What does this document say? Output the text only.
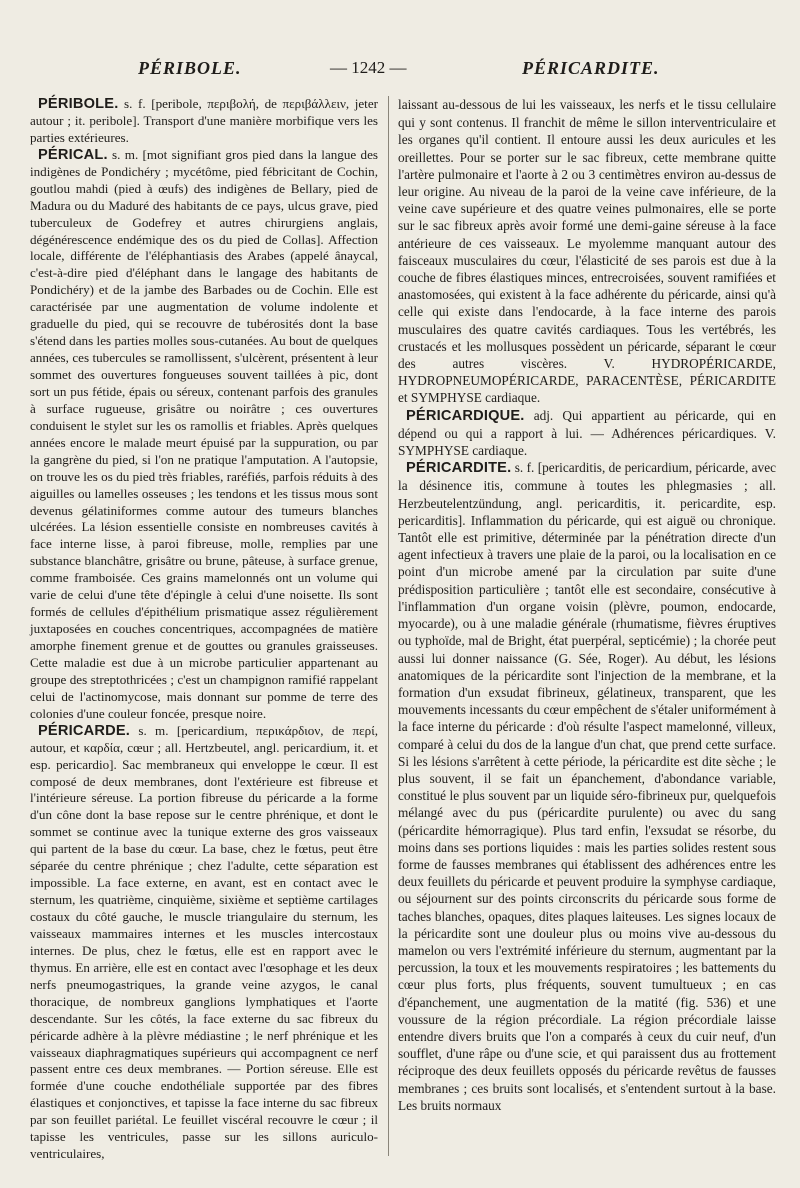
PÉRIBOLE.	— 1242 —	PÉRICARDITE.

PÉRIBOLE. s. f. [peribole, περιβολή, de περιβάλλειν, jeter autour ; it. peribole]. Transport d'une manière morbifique vers les parties extérieures.

PÉRICAL. s. m. [mot signifiant gros pied dans la langue des indigènes de Pondichéry ; mycétôme, pied fébricitant de Cochin, goutlou mahdi (pied à œufs) des indigènes de Bellary, pied de Madura ou du Maduré des habitants de ce pays, ulcus grave, pied tuberculeux de Godefrey et autres chirurgiens anglais, dégénérescence endémique des os du pied de Collas]. Affection locale, différente de l'éléphantiasis des Arabes (appelé ânaycal, c'est-à-dire pied d'éléphant dans le langage des habitants de Pondichéry) et de la jambe des Barbades ou de Cochin. Elle est caractérisée par une augmentation de volume indolente et graduelle du pied, qui se recouvre de tubérosités dont la base s'étend dans les parties molles sous-cutanées. Au bout de quelques années, ces tubercules se ramollissent, s'ulcèrent, présentent à leur sommet des ouvertures fongueuses souvent taillées à pic, dont sort un pus fétide, épais ou séreux, contenant parfois des granules à surface rugueuse, grisâtre ou noirâtre ; ces ouvertures conduisent le stylet sur les os ramollis et friables. Après quelques années encore le malade meurt épuisé par la suppuration, ou par la gangrène du pied, si l'on ne pratique l'amputation. A l'autopsie, on trouve les os du pied très friables, raréfiés, parfois réduits à des aiguilles ou lamelles osseuses ; les tendons et les tissus mous sont devenus gélatiniformes comme autour des tumeurs blanches ulcérées. La lésion essentielle consiste en nombreuses cavités à face interne lisse, à paroi fibreuse, molle, remplies par une substance blanchâtre, grisâtre ou brune, pâteuse, à surface grenue, comme framboisée. Ces grains mamelonnés ont un volume qui varie de celui d'une tête d'épingle à celui d'une noisette. Ils sont formés de cellules d'épithélium prismatique assez régulièrement juxtaposées en couches concentriques, accompagnées de matière amorphe finement grenue et de gouttes ou granules graisseuses. Cette maladie est due à un microbe particulier appartenant au groupe des streptothricées ; c'est un champignon ramifié rappelant celui de l'actinomycose, mais donnant sur pomme de terre des colonies d'une couleur foncée, presque noire.

PÉRICARDE. s. m. [pericardium, περικάρδιον, de περί, autour, et καρδία, cœur ; all. Hertzbeutel, angl. pericardium, it. et esp. pericardio]. Sac membraneux qui enveloppe le cœur. Il est composé de deux membranes, dont l'extérieure est fibreuse et l'intérieure séreuse. La portion fibreuse du péricarde a la forme d'un cône dont la base repose sur le centre phrénique, et dont le sommet se continue avec la tunique externe des gros vaisseaux qui partent de la base du cœur. La base, chez le fœtus, peut être séparée du centre phrénique ; chez l'adulte, cette séparation est impossible. La face externe, en avant, est en contact avec le sternum, les quatrième, cinquième, sixième et septième cartilages costaux du côté gauche, le muscle triangulaire du sternum, les vaisseaux mammaires internes et les muscles intercostaux internes. De plus, chez le fœtus, elle est en rapport avec le thymus. En arrière, elle est en contact avec l'œsophage et les deux nerfs pneumogastriques, la grande veine azygos, le canal thoracique, de nombreux ganglions lymphatiques et l'aorte descendante. Sur les côtés, la face externe du sac fibreux du péricarde adhère à la plèvre médiastine ; le nerf phrénique et les vaisseaux diaphragmatiques supérieurs qui accompagnent ce nerf passent entre ces deux membranes. — Portion séreuse. Elle est formée d'une couche endothéliale supportée par des fibres élastiques et conjonctives, et tapisse la face interne du sac fibreux par son feuillet pariétal. Le feuillet viscéral recouvre le cœur ; il tapisse les ventricules, passe sur les sillons auriculo-ventriculaires,

laissant au-dessous de lui les vaisseaux, les nerfs et le tissu cellulaire qui y sont contenus. Il franchit de même le sillon interventriculaire et les organes qu'il contient. Il entoure aussi les deux auricules et les oreillettes. Pour se porter sur le sac fibreux, cette membrane quitte l'artère pulmonaire et l'aorte à 2 ou 3 centimètres environ au-dessus de leur origine. Au niveau de la paroi de la veine cave inférieure, de la veine cave supérieure et des quatre veines pulmonaires, elle se porte sur le sac fibreux après avoir formé une demi-gaine séreuse à la face antérieure de ces vaisseaux. Le myolemme manquant autour des faisceaux musculaires du cœur, l'élasticité de ses parois est due à la couche de fibres élastiques minces, entrecroisées, souvent ramifiées et anastomosées, qui existent à la face adhérente du péricarde, ainsi qu'à celle qui existe dans l'endocarde, à la face interne des parois musculaires des quatre cavités cardiaques. Tous les vertébrés, les crustacés et les mollusques possèdent un péricarde, séparant le cœur des autres viscères. V. HYDROPÉRICARDE, HYDROPNEUMOPÉRICARDE, PARACENTÈSE, PÉRICARDITE et SYMPHYSE cardiaque.

PÉRICARDIQUE. adj. Qui appartient au péricarde, qui en dépend ou qui a rapport à lui. — Adhérences péricardiques. V. SYMPHYSE cardiaque.

PÉRICARDITE. s. f. [pericarditis, de pericardium, péricarde, avec la désinence itis, commune à toutes les phlegmasies ; all. Herzbeutelentzündung, angl. pericarditis, it. pericardite, esp. pericarditis]. Inflammation du péricarde, qui est aiguë ou chronique. Tantôt elle est primitive, déterminée par la pénétration directe d'un agent infectieux à travers une plaie de la paroi, ou la localisation en ce point d'un microbe amené par la circulation par suite d'une prédisposition particulière ; tantôt elle est secondaire, consécutive à l'inflammation d'un organe voisin (plèvre, poumon, endocarde, myocarde), ou à une maladie générale (rhumatisme, fièvres éruptives ou typhoïde, mal de Bright, état puerpéral, septicémie) ; la chorée peut aussi lui donner naissance (G. Sée, Roger). Au début, les lésions anatomiques de la péricardite sont l'injection de la membrane, et la formation d'un exsudat fibrineux, gélatineux, transparent, que les mouvements incessants du cœur empêchent de s'étaler uniformément à la face interne du péricarde : d'où résulte l'aspect mamelonné, villeux, comparé à celui du dos de la langue d'un chat, que prend cette surface. Si les lésions s'arrêtent à cette période, la péricardite est dite sèche ; le plus souvent, il se fait un épanchement, d'abondance variable, constitué le plus souvent par un liquide séro-fibrineux pur, quelquefois mélangé avec du pus (péricardite purulente) ou avec du sang (péricardite hémorragique). Plus tard enfin, l'exsudat se résorbe, du moins dans ses portions liquides : mais les parties solides restent sous forme de fausses membranes qui établissent des adhérences entre les deux feuillets du péricarde et peuvent produire la symphyse cardiaque, ou séjournent sur des points circonscrits du péricarde sous forme de taches blanches, opaques, dites plaques laiteuses. Les signes locaux de la péricardite sont une douleur plus ou moins vive au-dessous du mamelon ou vers l'extrémité inférieure du sternum, augmentant par la percussion, la toux et les mouvements respiratoires ; les battements du cœur plus forts, plus fréquents, souvent tumultueux ; en cas d'épanchement, une augmentation de la matité (fig. 536) et une voussure de la région précordiale. La région précordiale laisse entendre divers bruits que l'on a comparés à ceux du cuir neuf, d'un soufflet, d'une râpe ou d'une scie, et qui paraissent dus au frottement réciproque des deux feuillets opposés du péricarde revêtus de fausses membranes ; ces bruits sont localisés, et s'entendent surtout à la base. Les bruits normaux
